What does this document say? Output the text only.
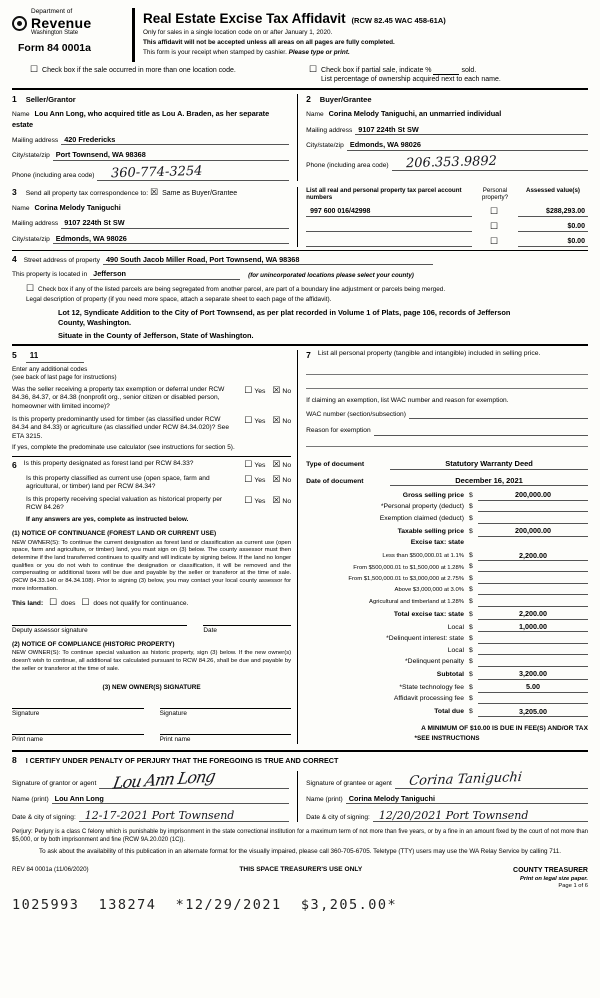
Department of
Revenue
Washington State
Form 84 0001a
Real Estate Excise Tax Affidavit (RCW 82.45 WAC 458-61A)
Only for sales in a single location code on or after January 1, 2020.
This affidavit will not be accepted unless all areas on all pages are fully completed.
This form is your receipt when stamped by cashier. Please type or print.
☐ Check box if the sale occurred in more than one location code.	☐ Check box if partial sale, indicate %	sold.
List percentage of ownership acquired next to each name.
1 Seller/Grantor
Name Lou Ann Long, who acquired title as Lou A. Braden, as her separate estate
Mailing address 420 Fredericks
City/state/zip Port Townsend, WA 98368
Phone (including area code) 360-774-3254
2 Buyer/Grantee
Name Corina Melody Taniguchi, an unmarried individual
Mailing address 9107 224th St SW
City/state/zip Edmonds, WA 98026
Phone (including area code) 206.353.9892
3 Send all property tax correspondence to: ☒ Same as Buyer/Grantee
Name Corina Melody Taniguchi
Mailing address 9107 224th St SW
City/state/zip Edmonds, WA 98026
List all real and personal property tax parcel account numbers
Personal property?
Assessed value(s)
997 600 016/42998	☐	$288,293.00
☐	$0.00
☐	$0.00
4 Street address of property 490 South Jacob Miller Road, Port Townsend, WA 98368
This property is located in Jefferson	(for unincorporated locations please select your county)
☐ Check box if any of the listed parcels are being segregated from another parcel, are part of a boundary line adjustment or parcels being merged.
Legal description of property (if you need more space, attach a separate sheet to each page of the affidavit).
Lot 12, Syndicate Addition to the City of Port Townsend, as per plat recorded in Volume 1 of Plats, page 106, records of Jefferson County, Washington.
Situate in the County of Jefferson, State of Washington.
5 11
Enter any additional codes
(see back of last page for instructions)
Was the seller receiving a property tax exemption or deferral under RCW 84.36, 84.37, or 84.38 (nonprofit org., senior citizen or disabled person, homeowner with limited income)?
☐ Yes ☒ No
Is this property predominantly used for timber (as classified under RCW 84.34 and 84.33) or agriculture (as classified under RCW 84.34.020)? See ETA 3215.
☐ Yes ☒ No
If yes, complete the predominate use calculator (see instructions for section 5).
6 Is this property designated as forest land per RCW 84.33?	☐ Yes ☒ No
Is this property classified as current use (open space, farm and agricultural, or timber) land per RCW 84.34?
☐ Yes ☒ No
Is this property receiving special valuation as historical property per RCW 84.26?
☐ Yes ☒ No
If any answers are yes, complete as instructed below.
(1) NOTICE OF CONTINUANCE (FOREST LAND OR CURRENT USE)
NEW OWNER(S): To continue the current designation as forest land or classification as current use (open space, farm and agriculture, or timber) land, you must sign on (3) below. The county assessor must then determine if the land transferred continues to qualify and will indicate by signing below. If the land no longer qualifies or you do not wish to continue the designation or classification, it will be removed and the compensating or additional taxes will be due and payable by the seller or transferor at the time of sale. (RCW 84.33.140 or 84.34.108). Prior to signing (3) below, you may contact your local county assessor for more information.
This land: ☐ does ☐ does not qualify for continuance.
Deputy assessor signature	Date
(2) NOTICE OF COMPLIANCE (HISTORIC PROPERTY)
NEW OWNER(S): To continue special valuation as historic property, sign (3) below. If the new owner(s) doesn't wish to continue, all additional tax calculated pursuant to RCW 84.26, shall be due and payable by the seller or transferor at the time of sale.
(3) NEW OWNER(S) SIGNATURE
Signature	Signature
Print name	Print name
7 List all personal property (tangible and intangible) included in selling price.
If claiming an exemption, list WAC number and reason for exemption.
WAC number (section/subsection)
Reason for exemption
Type of document	Statutory Warranty Deed
Date of document	December 16, 2021
Gross selling price $	200,000.00
*Personal property (deduct) $
Exemption claimed (deduct) $
Taxable selling price $	200,000.00
Excise tax: state
Less than $500,000.01 at 1.1% $	2,200.00
From $500,000.01 to $1,500,000 at 1.28% $
From $1,500,000.01 to $3,000,000 at 2.75% $
Above $3,000,000 at 3.0% $
Agricultural and timberland at 1.28% $
Total excise tax: state $	2,200.00
Local $	1,000.00
*Delinquent interest: state $
Local $
*Delinquent penalty $
Subtotal $	3,200.00
*State technology fee $	5.00
Affidavit processing fee $
Total due $	3,205.00
A MINIMUM OF $10.00 IS DUE IN FEE(S) AND/OR TAX
*SEE INSTRUCTIONS
8 I CERTIFY UNDER PENALTY OF PERJURY THAT THE FOREGOING IS TRUE AND CORRECT
Signature of grantor or agent Lou Ann Long
Name (print) Lou Ann Long
Date & city of signing: 12-17-2021 Port Townsend
Signature of grantee or agent Corina Taniguchi
Name (print) Corina Melody Taniguchi
Date & city of signing: 12/20/2021 Port Townsend
Perjury: Perjury is a class C felony which is punishable by imprisonment in the state correctional institution for a maximum term of not more than five years, or by a fine in an amount fixed by the court of not more than $5,000, or by both imprisonment and fine (RCW 9A.20.020 (1C)).
To ask about the availability of this publication in an alternate format for the visually impaired, please call 360-705-6705. Teletype (TTY) users may use the WA Relay Service by calling 711.
REV 84 0001a (11/06/2020)	THIS SPACE TREASURER'S USE ONLY	COUNTY TREASURER
Print on legal size paper.
Page 1 of 6
1025993  138274  *12/29/2021  $3,205.00*
